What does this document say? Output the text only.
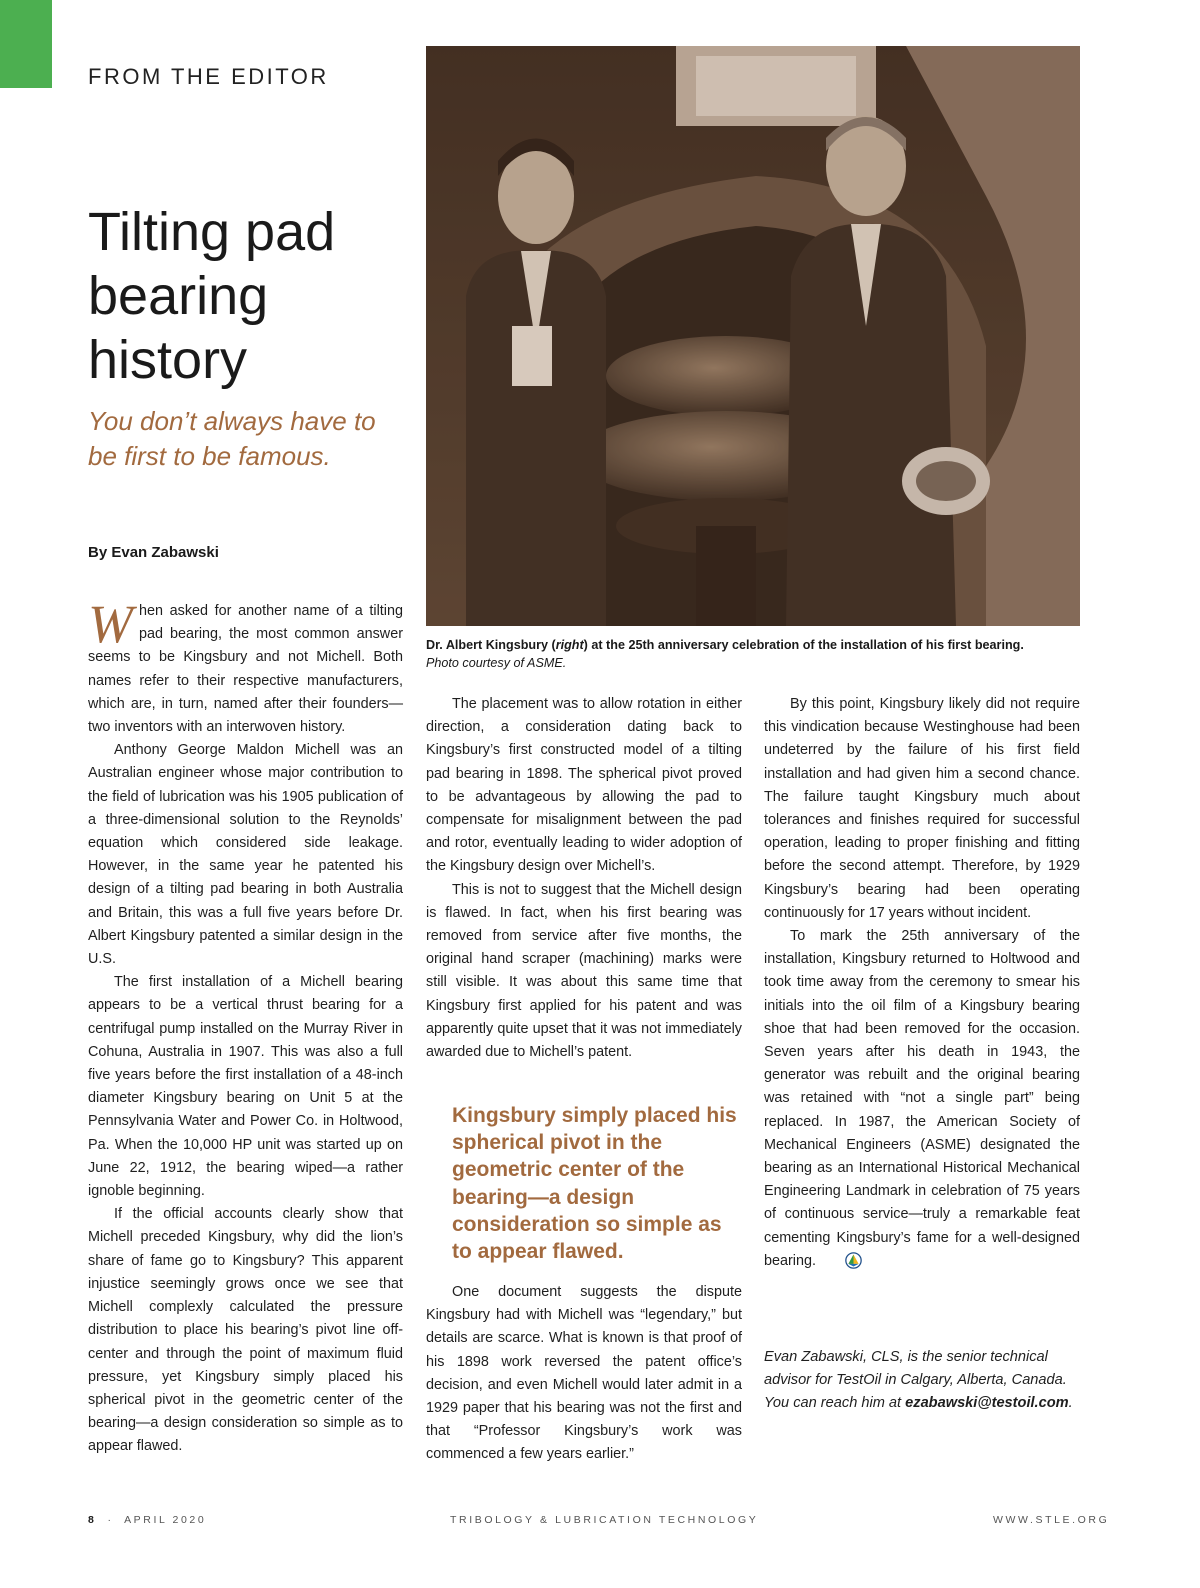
FROM THE EDITOR
Tilting pad bearing history
You don’t always have to be first to be famous.
By Evan Zabawski
Dr. Albert Kingsbury (right) at the 25th anniversary celebration of the installation of his first bearing.
Photo courtesy of ASME.

When asked for another name of a tilting pad bearing, the most common answer seems to be Kingsbury and not Michell. Both names refer to their respective manufacturers, which are, in turn, named after their founders—two inventors with an interwoven history.

Anthony George Maldon Michell was an Australian engineer whose major contribution to the field of lubrication was his 1905 publication of a three-dimensional solution to the Reynolds’ equation which considered side leakage. However, in the same year he patented his design of a tilting pad bearing in both Australia and Britain, this was a full five years before Dr. Albert Kingsbury patented a similar design in the U.S.

The first installation of a Michell bearing appears to be a vertical thrust bearing for a centrifugal pump installed on the Murray River in Cohuna, Australia in 1907. This was also a full five years before the first installation of a 48-inch diameter Kingsbury bearing on Unit 5 at the Pennsylvania Water and Power Co. in Holtwood, Pa. When the 10,000 HP unit was started up on June 22, 1912, the bearing wiped—a rather ignoble beginning.

If the official accounts clearly show that Michell preceded Kingsbury, why did the lion’s share of fame go to Kingsbury? This apparent injustice seemingly grows once we see that Michell complexly calculated the pressure distribution to place his bearing’s pivot line off-center and through the point of maximum fluid pressure, yet Kingsbury simply placed his spherical pivot in the geometric center of the bearing—a design consideration so simple as to appear flawed.

The placement was to allow rotation in either direction, a consideration dating back to Kingsbury’s first constructed model of a tilting pad bearing in 1898. The spherical pivot proved to be advantageous by allowing the pad to compensate for misalignment between the pad and rotor, eventually leading to wider adoption of the Kingsbury design over Michell’s.

This is not to suggest that the Michell design is flawed. In fact, when his first bearing was removed from service after five months, the original hand scraper (machining) marks were still visible. It was about this same time that Kingsbury first applied for his patent and was apparently quite upset that it was not immediately awarded due to Michell’s patent.

Kingsbury simply placed his spherical pivot in the geometric center of the bearing—a design consideration so simple as to appear flawed.

One document suggests the dispute Kingsbury had with Michell was “legendary,” but details are scarce. What is known is that proof of his 1898 work reversed the patent office’s decision, and even Michell would later admit in a 1929 paper that his bearing was not the first and that “Professor Kingsbury’s work was commenced a few years earlier.”

By this point, Kingsbury likely did not require this vindication because Westinghouse had been undeterred by the failure of his first field installation and had given him a second chance. The failure taught Kingsbury much about tolerances and finishes required for successful operation, leading to proper finishing and fitting before the second attempt. Therefore, by 1929 Kingsbury’s bearing had been operating continuously for 17 years without incident.

To mark the 25th anniversary of the installation, Kingsbury returned to Holtwood and took time away from the ceremony to smear his initials into the oil film of a Kingsbury bearing shoe that had been removed for the occasion. Seven years after his death in 1943, the generator was rebuilt and the original bearing was retained with “not a single part” being replaced. In 1987, the American Society of Mechanical Engineers (ASME) designated the bearing as an International Historical Mechanical Engineering Landmark in celebration of 75 years of continuous service—truly a remarkable feat cementing Kingsbury’s fame for a well-designed bearing.

Evan Zabawski, CLS, is the senior technical advisor for TestOil in Calgary, Alberta, Canada. You can reach him at ezabawski@testoil.com.
8 · APRIL 2020	TRIBOLOGY & LUBRICATION TECHNOLOGY	WWW.STLE.ORG
